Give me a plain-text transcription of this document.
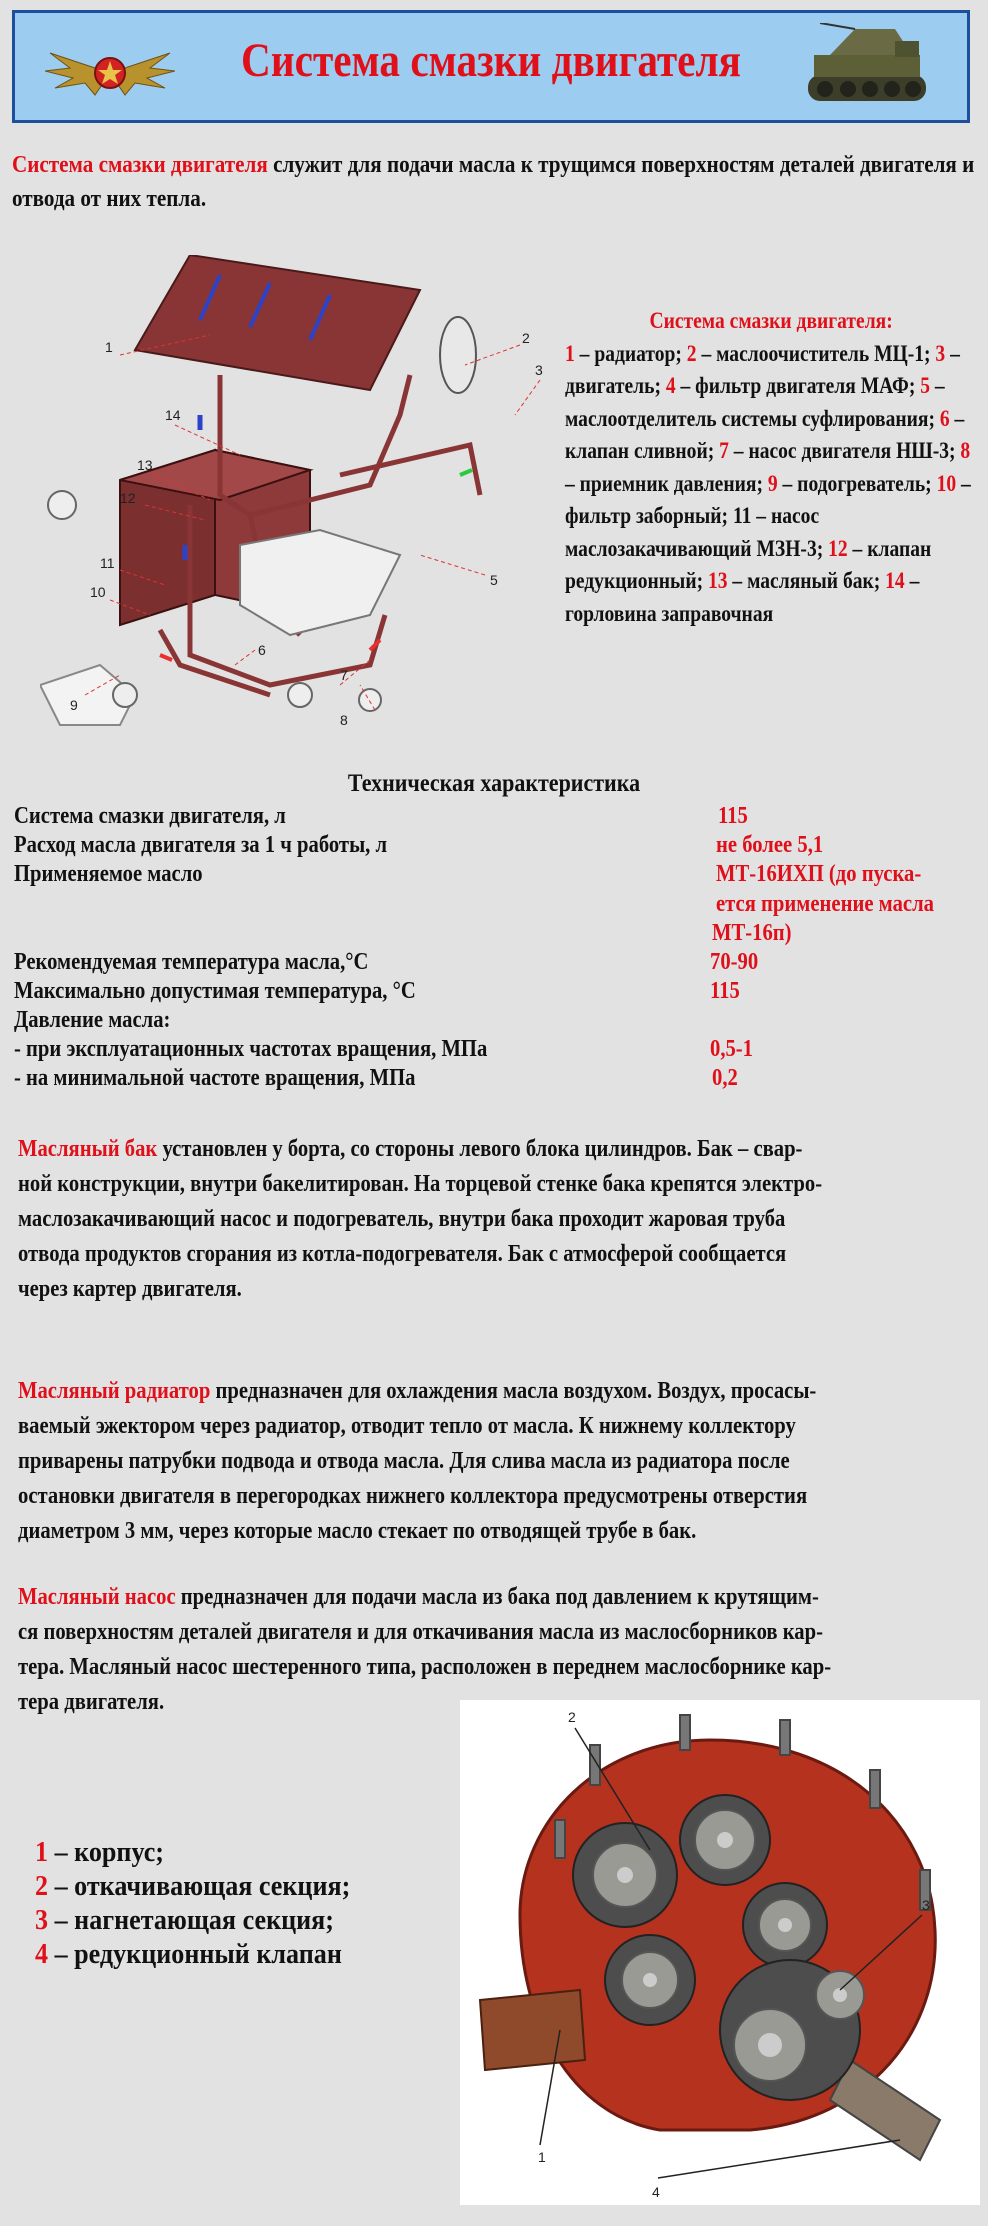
Система смазки двигателя
Система смазки двигателя служит для подачи масла к трущимся поверхностям деталей двигателя и отвода от них тепла.
1
2
3
14
13
12
11
10
9
6
7
8
5
Система смазки двигателя:
1 – радиатор; 2 – маслоочиститель МЦ-1; 3 – двигатель; 4 – фильтр двигателя МАФ; 5 – маслоотделитель системы суфлирования; 6 – клапан сливной; 7 – насос двигателя НШ-3; 8 – приемник давления; 9 – подогреватель; 10 – фильтр заборный; 11 – насос маслозакачивающий МЗН-3; 12 – клапан редукционный; 13 – масляный бак; 14 – горловина заправочная
Техническая характеристика
Система смазки двигателя, л	115
Расход масла двигателя за 1 ч работы, л	не более 5,1
Применяемое масло	МТ-16ИХП (до пуска-
ется применение масла
МТ-16п)
Рекомендуемая температура масла,°С	70-90
Максимально допустимая температура, °С	115
Давление масла:
- при эксплуатационных частотах вращения, МПа	0,5-1
- на минимальной частоте вращения, МПа	0,2
Масляный бак установлен у борта, со стороны левого блока цилиндров. Бак – свар-
ной конструкции, внутри бакелитирован. На торцевой стенке бака крепятся электро-
маслозакачивающий насос и подогреватель, внутри бака проходит жаровая труба
отвода продуктов сгорания из котла-подогревателя. Бак с атмосферой сообщается
через картер двигателя.
Масляный радиатор предназначен для охлаждения масла воздухом. Воздух, просасы-
ваемый эжектором через радиатор, отводит тепло от масла. К нижнему коллектору
приварены патрубки подвода и отвода масла. Для слива масла из радиатора после
остановки двигателя в перегородках нижнего коллектора предусмотрены отверстия
диаметром 3 мм, через которые масло стекает по отводящей трубе в бак.
Масляный насос предназначен для подачи масла из бака под давлением к крутящим-
ся поверхностям деталей двигателя и для откачивания масла из маслосборников кар-
тера. Масляный насос шестеренного типа, расположен в переднем маслосборнике кар-
тера двигателя.
1 – корпус;
2 – откачивающая секция;
3 – нагнетающая секция;
4 – редукционный клапан
2
3
1
4
